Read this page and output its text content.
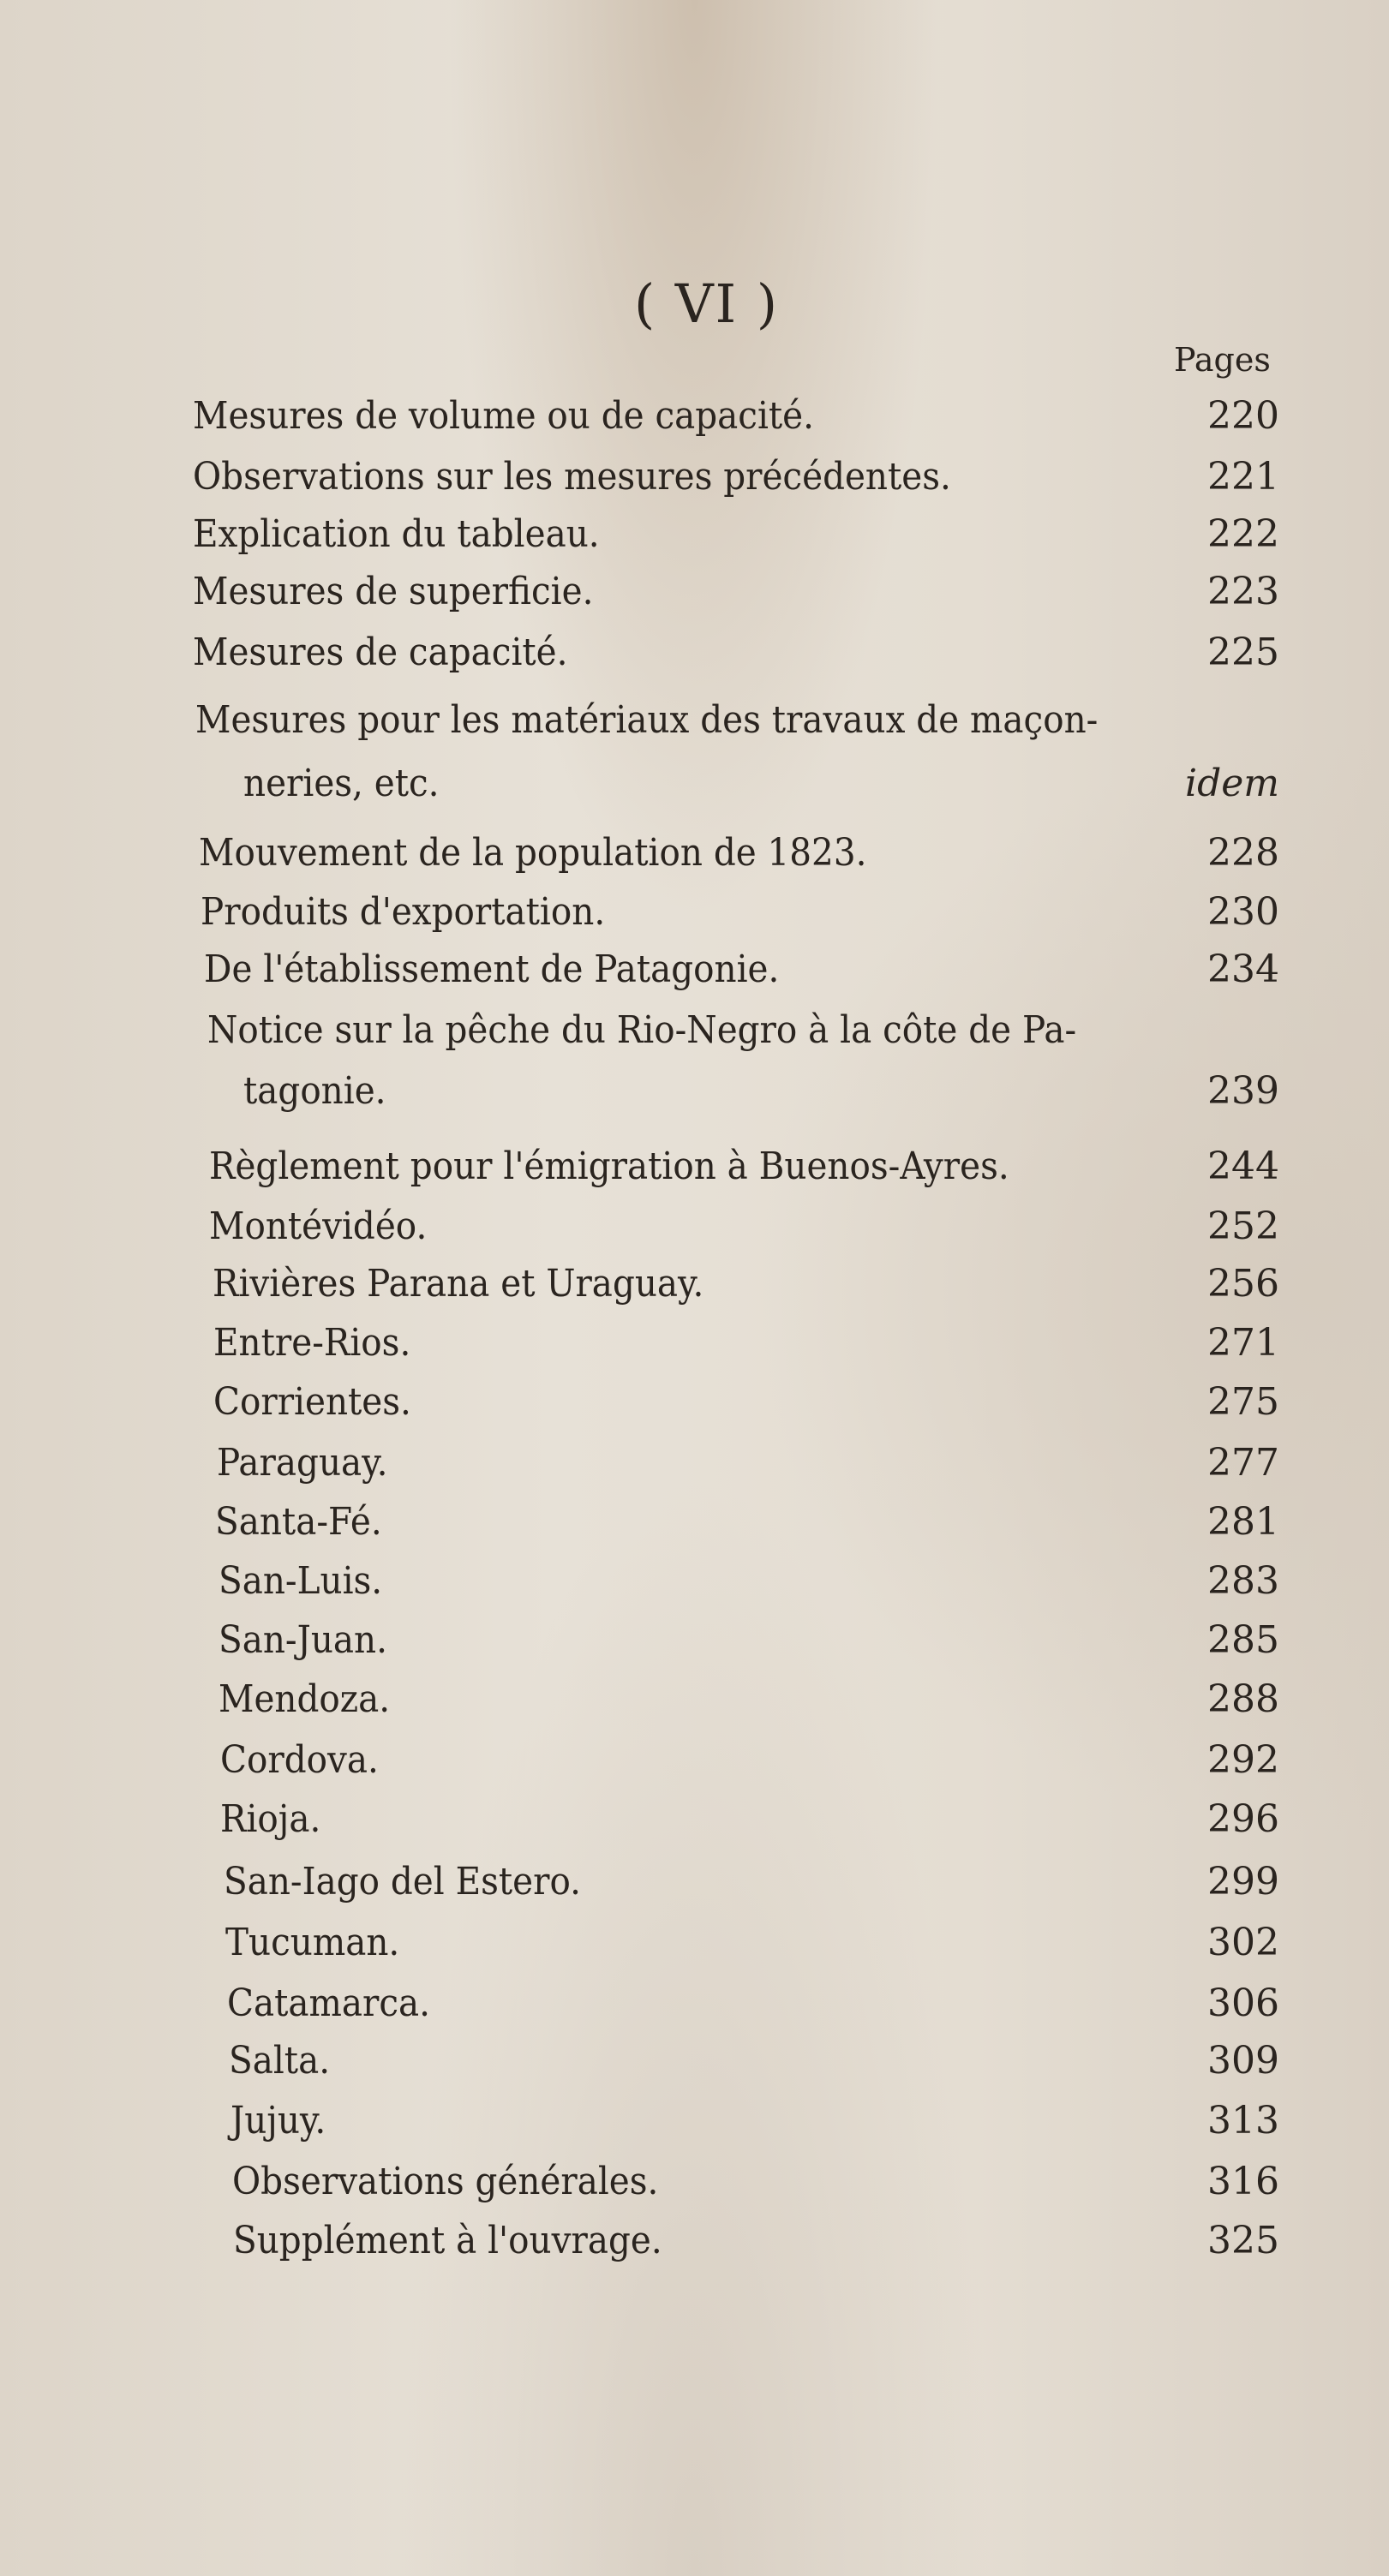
( VI )
Pages
Mesures de volume ou de capacité.	220
Observations sur les mesures précédentes.	221
Explication du tableau.	222
Mesures de superficie.	223
Mesures de capacité.	225
Mesures pour les matériaux des travaux de maçon-
neries, etc.	idem
Mouvement de la population de 1823.	228
Produits d'exportation.	230
De l'établissement de Patagonie.	234
Notice sur la pêche du Rio-Negro à la côte de Pa-
tagonie.	239
Règlement pour l'émigration à Buenos-Ayres.	244
Montévidéo.	252
Rivières Parana et Uraguay.	256
Entre-Rios.	271
Corrientes.	275
Paraguay.	277
Santa-Fé.	281
San-Luis.	283
San-Juan.	285
Mendoza.	288
Cordova.	292
Rioja.	296
San-Iago del Estero.	299
Tucuman.	302
Catamarca.	306
Salta.	309
Jujuy.	313
Observations générales.	316
Supplément à l'ouvrage.	325
